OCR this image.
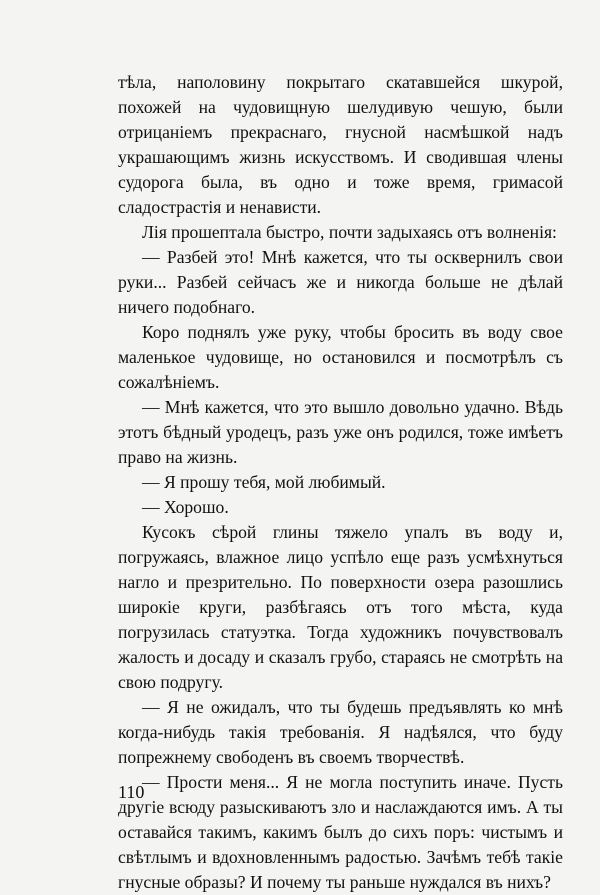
тѣла, наполовину покрытаго скатавшейся шкурой, похожей на чудовищную шелудивую чешую, были отрицаніемъ прекраснаго, гнусной насмѣшкой надъ украшающимъ жизнь искусствомъ. И сводившая члены судорога была, въ одно и тоже время, гримасой сладострастія и ненависти.

Лія прошептала быстро, почти задыхаясь отъ волненія:

— Разбей это! Мнѣ кажется, что ты осквернилъ свои руки... Разбей сейчасъ же и никогда больше не дѣлай ничего подобнаго.

Коро поднялъ уже руку, чтобы бросить въ воду свое маленькое чудовище, но остановился и посмотрѣлъ съ сожалѣніемъ.

— Мнѣ кажется, что это вышло довольно удачно. Вѣдь этотъ бѣдный уродецъ, разъ уже онъ родился, тоже имѣетъ право на жизнь.

— Я прошу тебя, мой любимый.

— Хорошо.

Кусокъ сѣрой глины тяжело упалъ въ воду и, погружаясь, влажное лицо успѣло еще разъ усмѣхнуться нагло и презрительно. По поверхности озера разошлись широкіе круги, разбѣгаясь отъ того мѣста, куда погрузилась статуэтка. Тогда художникъ почувствовалъ жалость и досаду и сказалъ грубо, стараясь не смотрѣть на свою подругу.

— Я не ожидалъ, что ты будешь предъявлять ко мнѣ когда-нибудь такія требованія. Я надѣялся, что буду попрежнему свободенъ въ своемъ творчествѣ.

— Прости меня... Я не могла поступить иначе. Пусть другіе всюду разыскиваютъ зло и наслаждаются имъ. А ты оставайся такимъ, какимъ былъ до сихъ поръ: чистымъ и свѣтлымъ и вдохновленнымъ радостью. Зачѣмъ тебѣ такіе гнусные образы? И почему ты раньше нуждался въ нихъ?

110
